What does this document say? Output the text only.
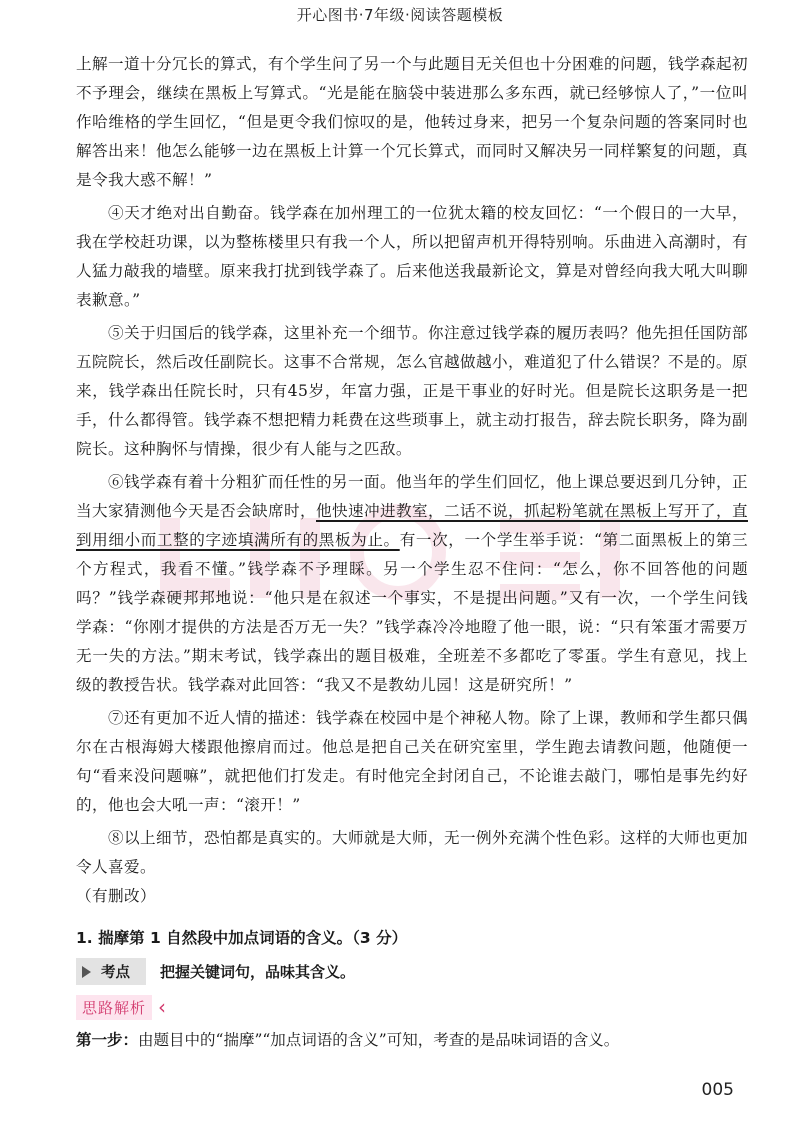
开心图书·7年级·阅读答题模板

上解一道十分冗长的算式，有个学生问了另一个与此题目无关但也十分困难的问题，钱学森起初不予理会，继续在黑板上写算式。“光是能在脑袋中装进那么多东西，就已经够惊人了，”一位叫作哈维格的学生回忆，“但是更令我们惊叹的是，他转过身来，把另一个复杂问题的答案同时也解答出来！他怎么能够一边在黑板上计算一个冗长算式，而同时又解决另一同样繁复的问题，真是令我大惑不解！”

④天才绝对出自勤奋。钱学森在加州理工的一位犹太籍的校友回忆：“一个假日的一大早，我在学校赶功课，以为整栋楼里只有我一个人，所以把留声机开得特别响。乐曲进入高潮时，有人猛力敲我的墙壁。原来我打扰到钱学森了。后来他送我最新论文，算是对曾经向我大吼大叫聊表歉意。”

⑤关于归国后的钱学森，这里补充一个细节。你注意过钱学森的履历表吗？他先担任国防部五院院长，然后改任副院长。这事不合常规，怎么官越做越小，难道犯了什么错误？不是的。原来，钱学森出任院长时，只有45岁，年富力强，正是干事业的好时光。但是院长这职务是一把手，什么都得管。钱学森不想把精力耗费在这些琐事上，就主动打报告，辞去院长职务，降为副院长。这种胸怀与情操，很少有人能与之匹敌。

⑥钱学森有着十分粗犷而任性的另一面。他当年的学生们回忆，他上课总要迟到几分钟，正当大家猜测他今天是否会缺席时，他快速冲进教室，二话不说，抓起粉笔就在黑板上写开了，直到用细小而工整的字迹填满所有的黑板为止。有一次，一个学生举手说：“第二面黑板上的第三个方程式，我看不懂。”钱学森不予理睬。另一个学生忍不住问：“怎么，你不回答他的问题吗？”钱学森硬邦邦地说：“他只是在叙述一个事实，不是提出问题。”又有一次，一个学生问钱学森：“你刚才提供的方法是否万无一失？”钱学森冷冷地瞪了他一眼，说：“只有笨蛋才需要万无一失的方法。”期末考试，钱学森出的题目极难，全班差不多都吃了零蛋。学生有意见，找上级的教授告状。钱学森对此回答：“我又不是教幼儿园！这是研究所！”

⑦还有更加不近人情的描述：钱学森在校园中是个神秘人物。除了上课，教师和学生都只偶尔在古根海姆大楼跟他擦肩而过。他总是把自己关在研究室里，学生跑去请教问题，他随便一句“看来没问题嘛”，就把他们打发走。有时他完全封闭自己，不论谁去敲门，哪怕是事先约好的，他也会大吼一声：“滚开！”

⑧以上细节，恐怕都是真实的。大师就是大师，无一例外充满个性色彩。这样的大师也更加令人喜爱。

（有删改）

1. 揣摩第 1 自然段中加点词语的含义。（3 分）

考点 把握关键词句，品味其含义。
思路解析 ‹

第一步：由题目中的“揣摩”“加点词语的含义”可知，考查的是品味词语的含义。

005
